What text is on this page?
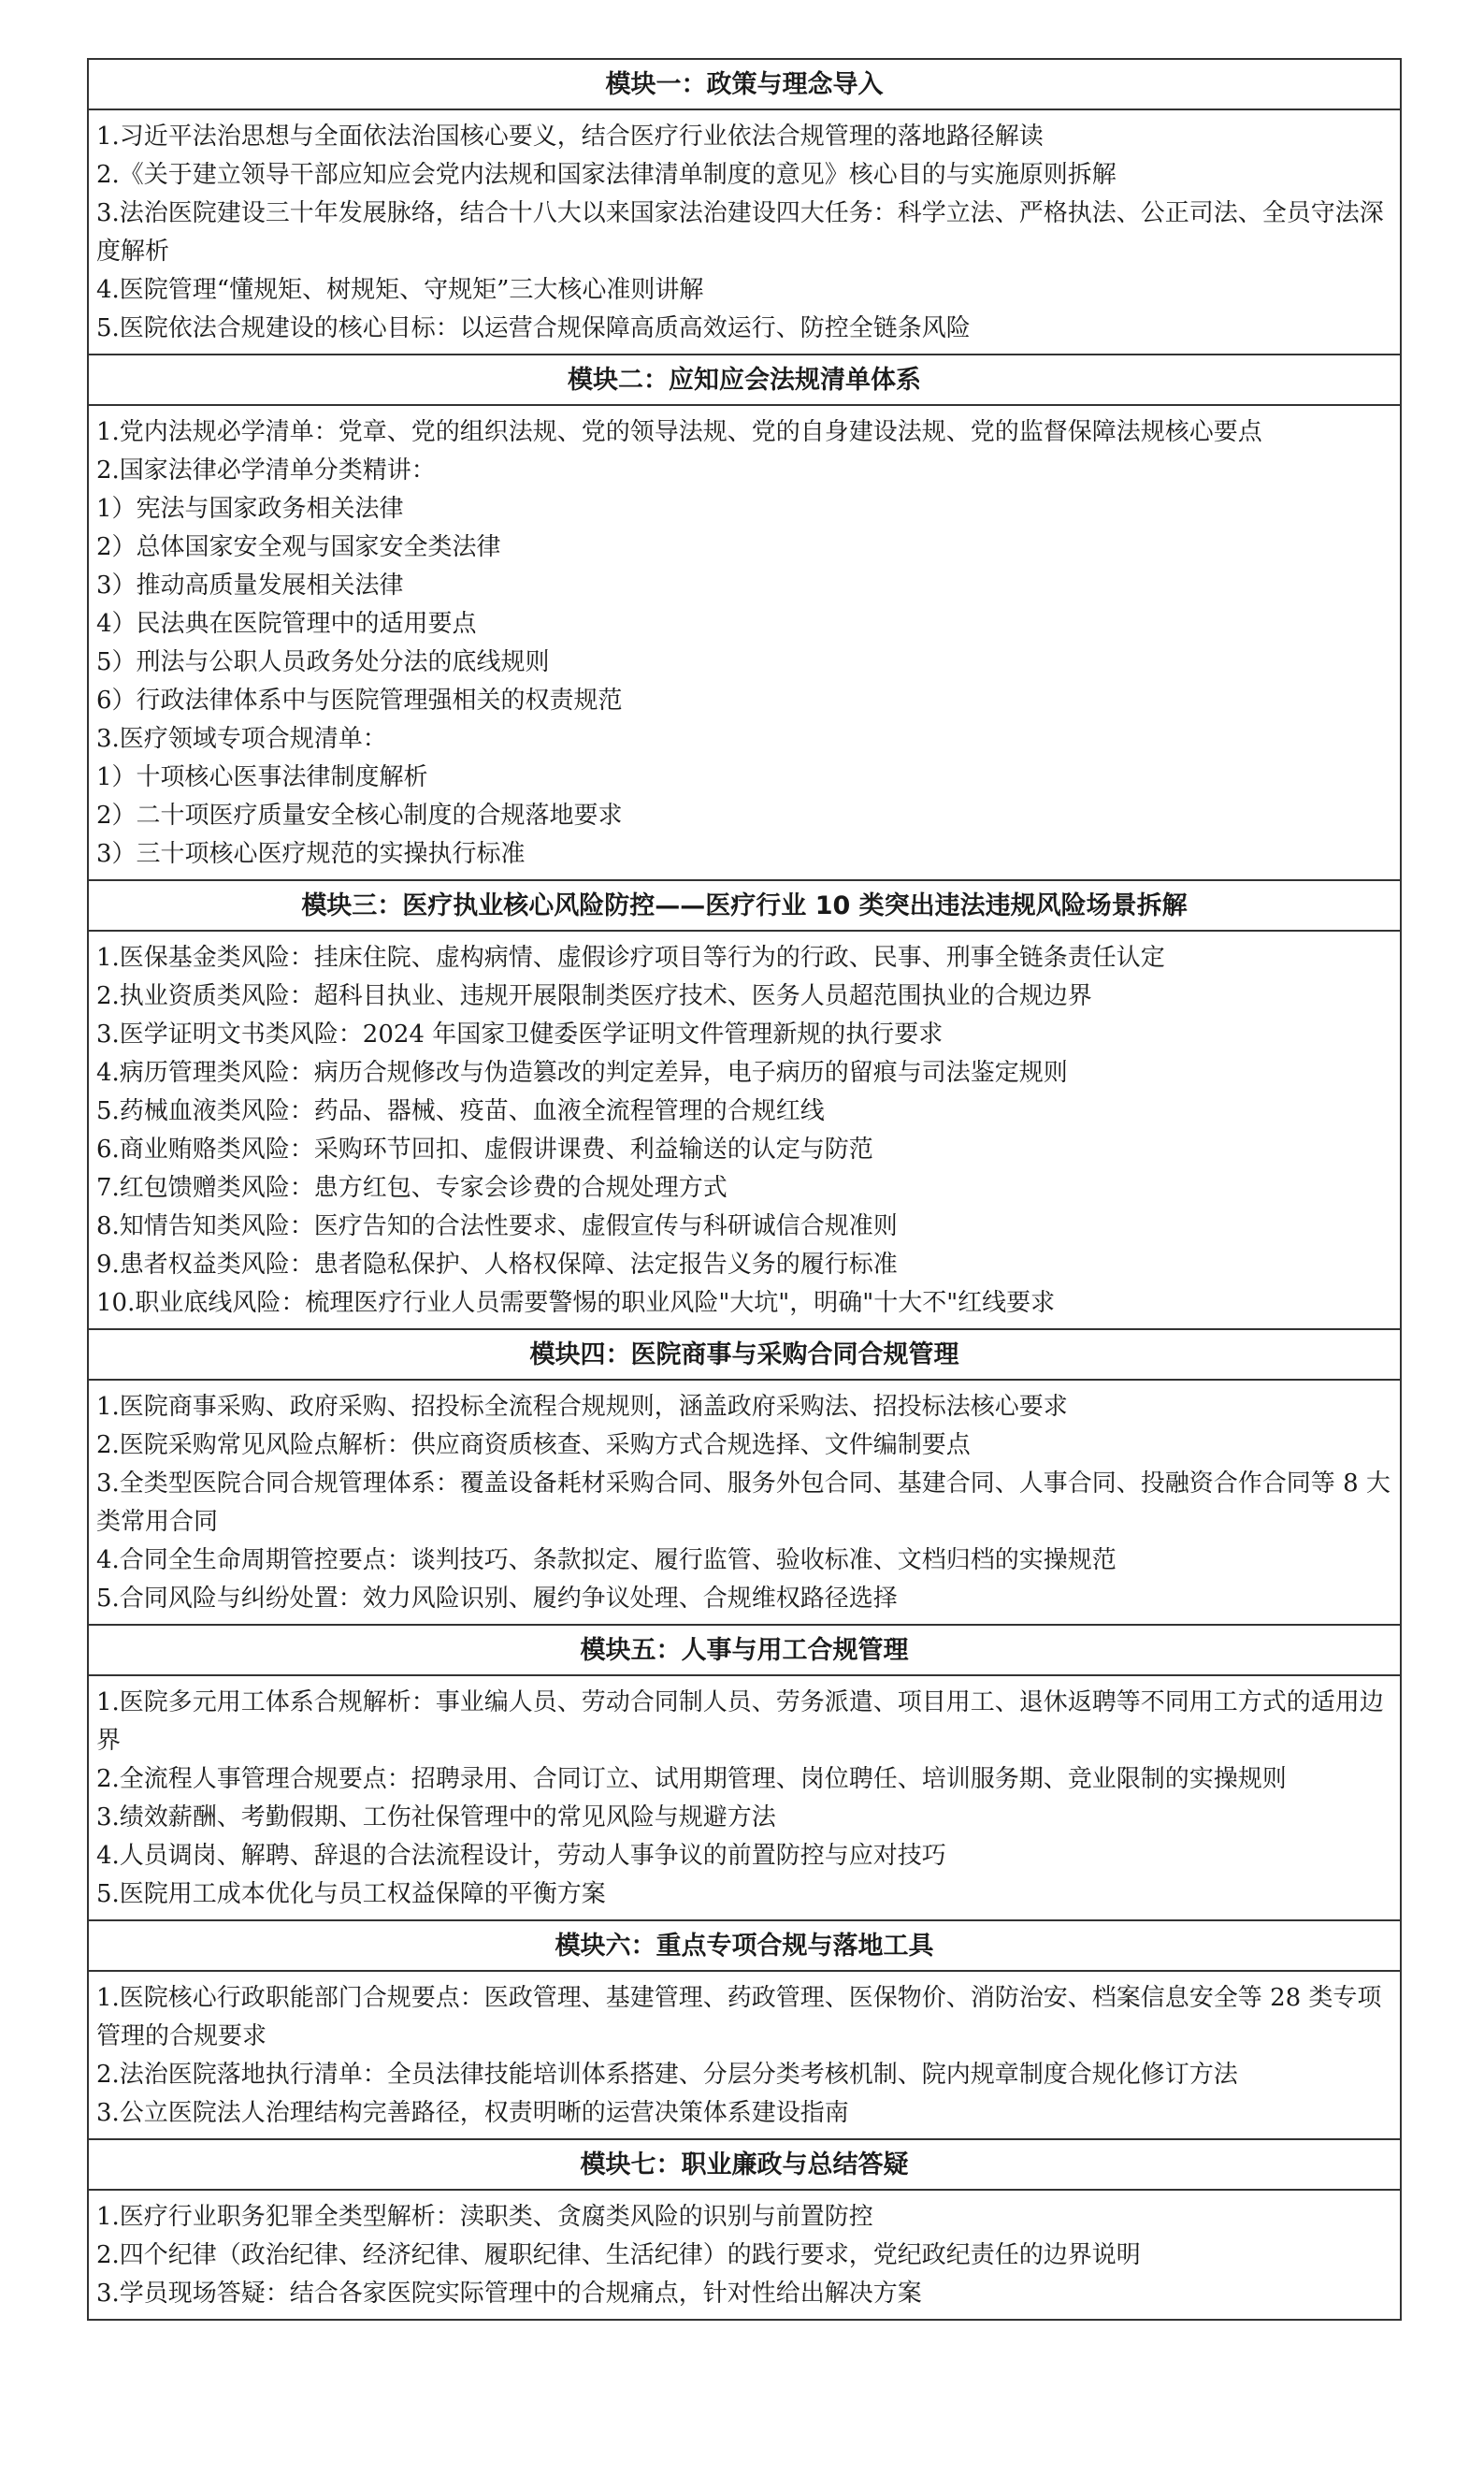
模块一：政策与理念导入
1.习近平法治思想与全面依法治国核心要义，结合医疗行业依法合规管理的落地路径解读
2.《关于建立领导干部应知应会党内法规和国家法律清单制度的意见》核心目的与实施原则拆解
3.法治医院建设三十年发展脉络，结合十八大以来国家法治建设四大任务：科学立法、严格执法、公正司法、全员守法深度解析
4.医院管理“懂规矩、树规矩、守规矩”三大核心准则讲解
5.医院依法合规建设的核心目标：以运营合规保障高质高效运行、防控全链条风险
模块二：应知应会法规清单体系
1.党内法规必学清单：党章、党的组织法规、党的领导法规、党的自身建设法规、党的监督保障法规核心要点
2.国家法律必学清单分类精讲：
1）宪法与国家政务相关法律
2）总体国家安全观与国家安全类法律
3）推动高质量发展相关法律
4）民法典在医院管理中的适用要点
5）刑法与公职人员政务处分法的底线规则
6）行政法律体系中与医院管理强相关的权责规范
3.医疗领域专项合规清单：
1）十项核心医事法律制度解析
2）二十项医疗质量安全核心制度的合规落地要求
3）三十项核心医疗规范的实操执行标准
模块三：医疗执业核心风险防控——医疗行业 10 类突出违法违规风险场景拆解
1.医保基金类风险：挂床住院、虚构病情、虚假诊疗项目等行为的行政、民事、刑事全链条责任认定
2.执业资质类风险：超科目执业、违规开展限制类医疗技术、医务人员超范围执业的合规边界
3.医学证明文书类风险：2024 年国家卫健委医学证明文件管理新规的执行要求
4.病历管理类风险：病历合规修改与伪造篡改的判定差异，电子病历的留痕与司法鉴定规则
5.药械血液类风险：药品、器械、疫苗、血液全流程管理的合规红线
6.商业贿赂类风险：采购环节回扣、虚假讲课费、利益输送的认定与防范
7.红包馈赠类风险：患方红包、专家会诊费的合规处理方式
8.知情告知类风险：医疗告知的合法性要求、虚假宣传与科研诚信合规准则
9.患者权益类风险：患者隐私保护、人格权保障、法定报告义务的履行标准
10.职业底线风险：梳理医疗行业人员需要警惕的职业风险"大坑"，明确"十大不"红线要求
模块四：医院商事与采购合同合规管理
1.医院商事采购、政府采购、招投标全流程合规规则，涵盖政府采购法、招投标法核心要求
2.医院采购常见风险点解析：供应商资质核查、采购方式合规选择、文件编制要点
3.全类型医院合同合规管理体系：覆盖设备耗材采购合同、服务外包合同、基建合同、人事合同、投融资合作合同等 8 大类常用合同
4.合同全生命周期管控要点：谈判技巧、条款拟定、履行监管、验收标准、文档归档的实操规范
5.合同风险与纠纷处置：效力风险识别、履约争议处理、合规维权路径选择
模块五：人事与用工合规管理
1.医院多元用工体系合规解析：事业编人员、劳动合同制人员、劳务派遣、项目用工、退休返聘等不同用工方式的适用边界
2.全流程人事管理合规要点：招聘录用、合同订立、试用期管理、岗位聘任、培训服务期、竞业限制的实操规则
3.绩效薪酬、考勤假期、工伤社保管理中的常见风险与规避方法
4.人员调岗、解聘、辞退的合法流程设计，劳动人事争议的前置防控与应对技巧
5.医院用工成本优化与员工权益保障的平衡方案
模块六：重点专项合规与落地工具
1.医院核心行政职能部门合规要点：医政管理、基建管理、药政管理、医保物价、消防治安、档案信息安全等 28 类专项管理的合规要求
2.法治医院落地执行清单：全员法律技能培训体系搭建、分层分类考核机制、院内规章制度合规化修订方法
3.公立医院法人治理结构完善路径，权责明晰的运营决策体系建设指南
模块七：职业廉政与总结答疑
1.医疗行业职务犯罪全类型解析：渎职类、贪腐类风险的识别与前置防控
2.四个纪律（政治纪律、经济纪律、履职纪律、生活纪律）的践行要求，党纪政纪责任的边界说明
3.学员现场答疑：结合各家医院实际管理中的合规痛点，针对性给出解决方案
